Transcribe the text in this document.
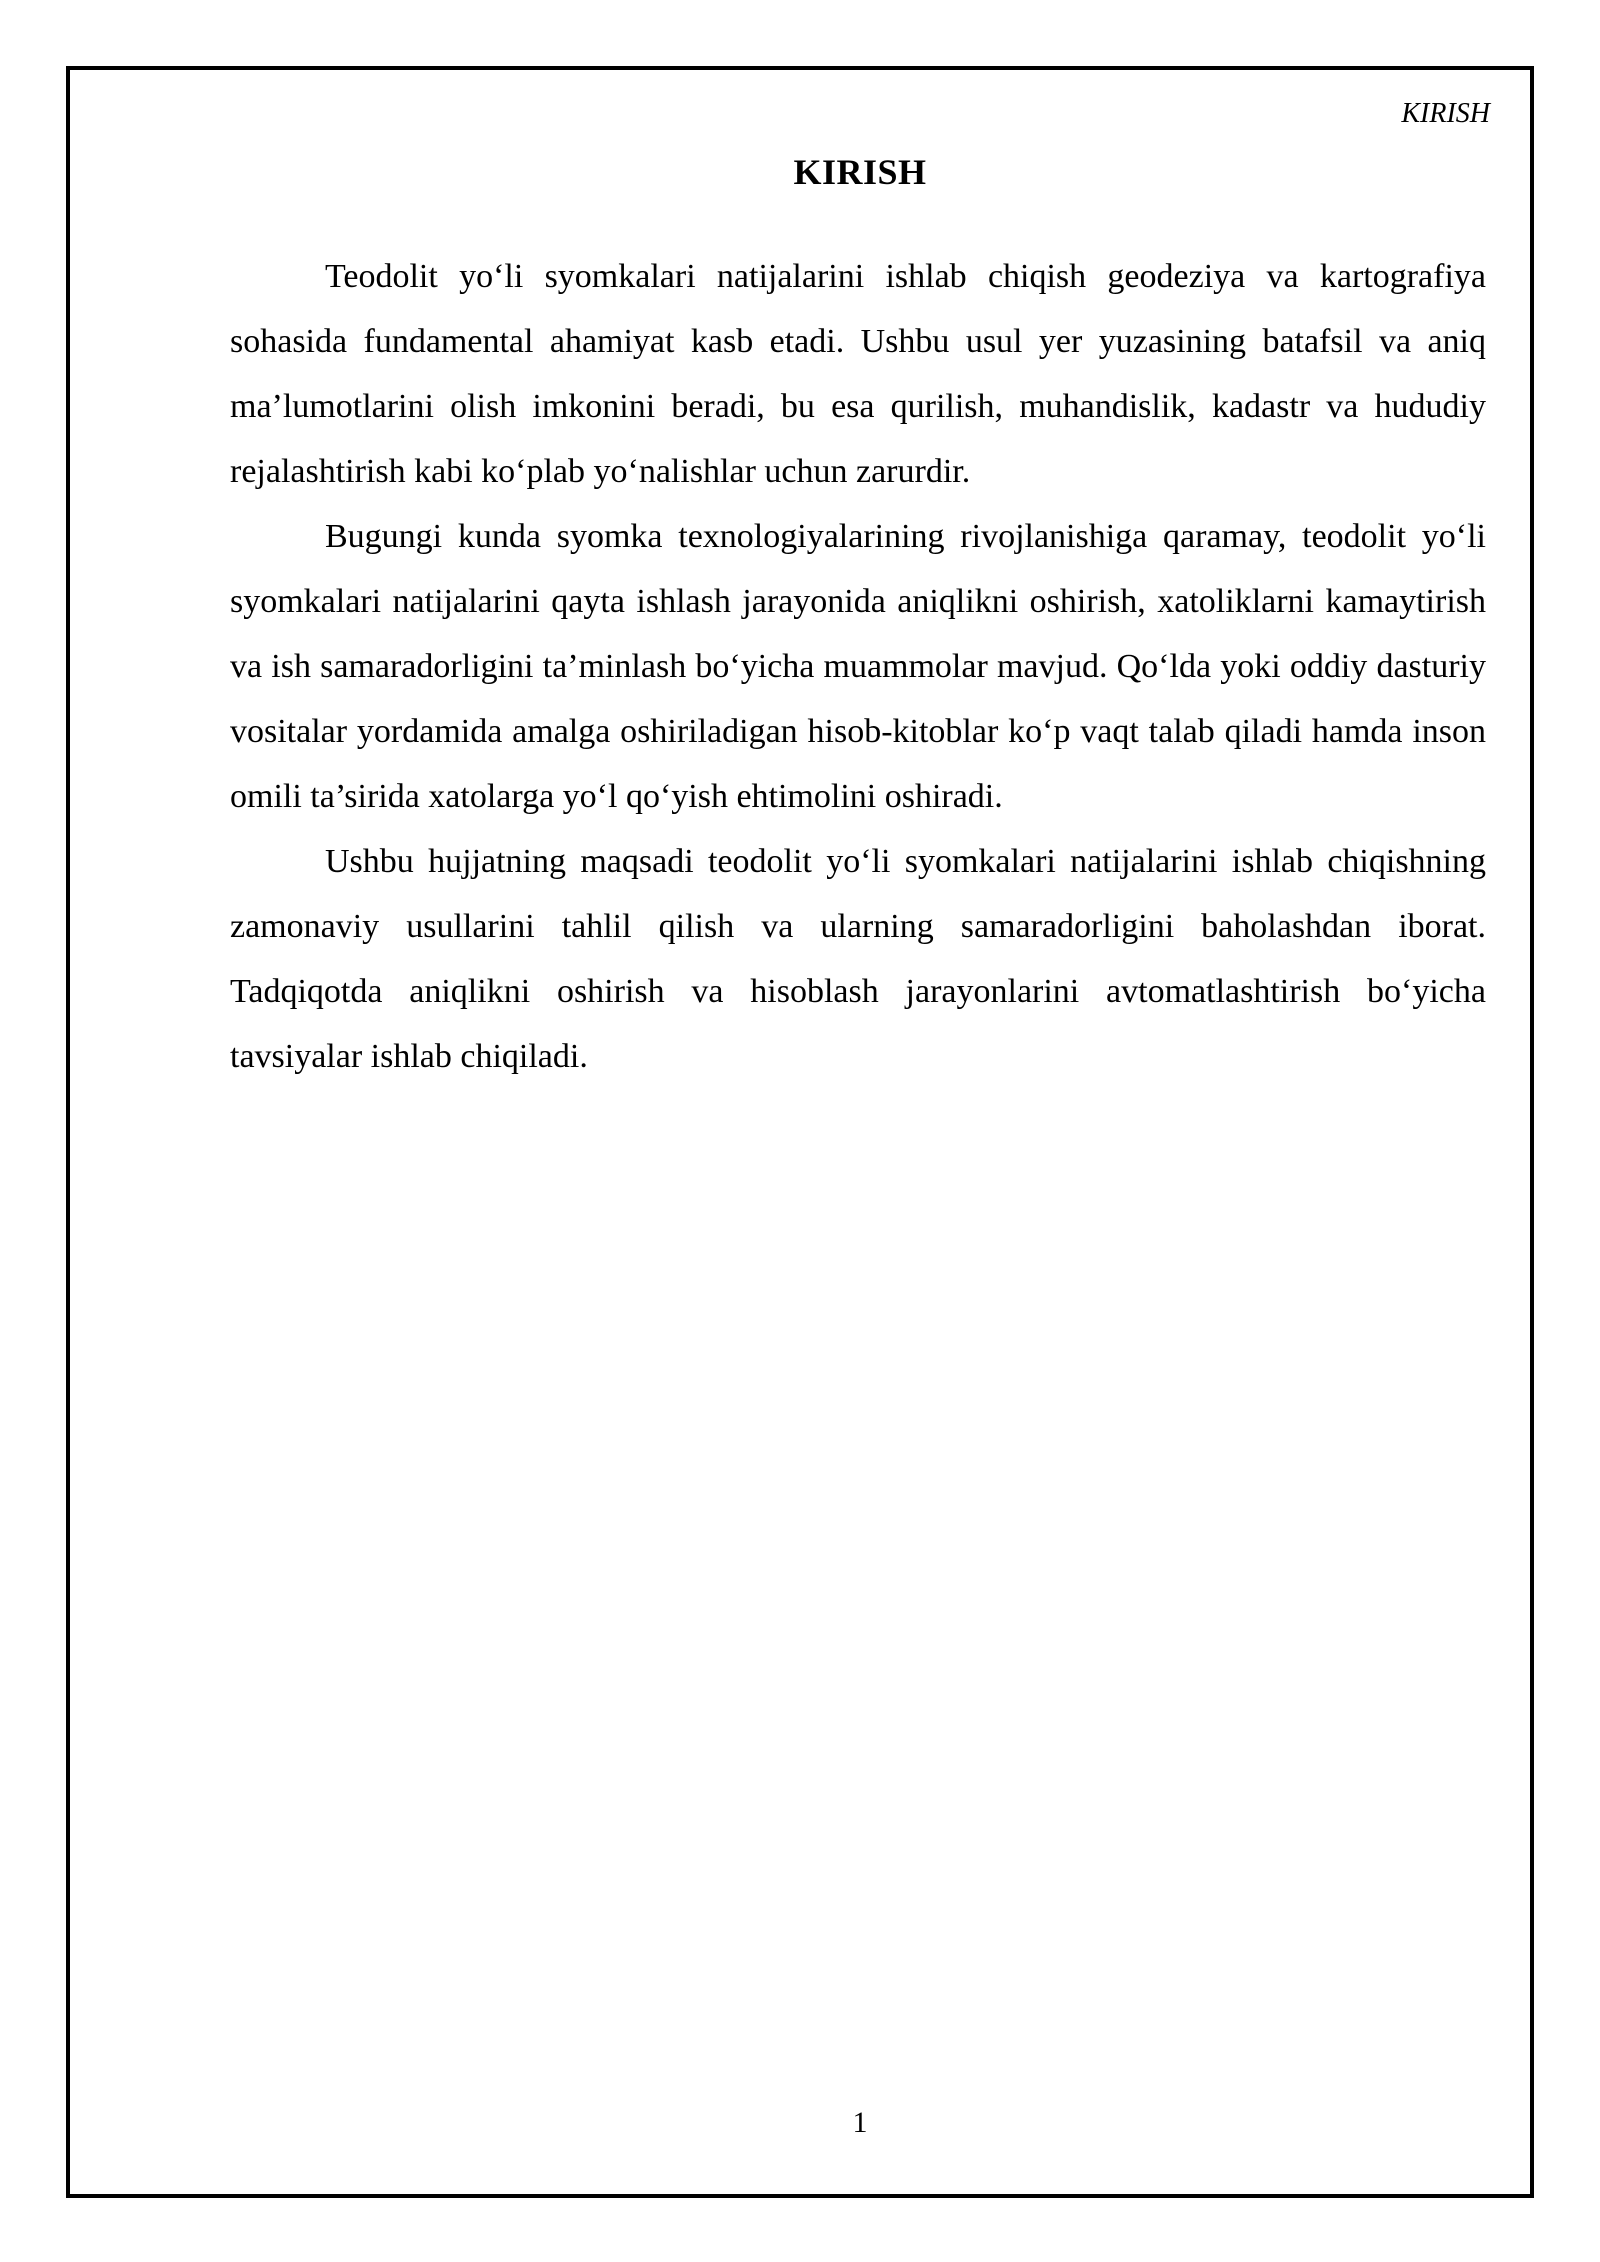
KIRISH
KIRISH

Teodolit yo‘li syomkalari natijalarini ishlab chiqish geodeziya va kartografiya sohasida fundamental ahamiyat kasb etadi. Ushbu usul yer yuzasining batafsil va aniq ma’lumotlarini olish imkonini beradi, bu esa qurilish, muhandislik, kadastr va hududiy rejalashtirish kabi ko‘plab yo‘nalishlar uchun zarurdir.

Bugungi kunda syomka texnologiyalarining rivojlanishiga qaramay, teodolit yo‘li syomkalari natijalarini qayta ishlash jarayonida aniqlikni oshirish, xatoliklarni kamaytirish va ish samaradorligini ta’minlash bo‘yicha muammolar mavjud. Qo‘lda yoki oddiy dasturiy vositalar yordamida amalga oshiriladigan hisob-kitoblar ko‘p vaqt talab qiladi hamda inson omili ta’sirida xatolarga yo‘l qo‘yish ehtimolini oshiradi.

Ushbu hujjatning maqsadi teodolit yo‘li syomkalari natijalarini ishlab chiqishning zamonaviy usullarini tahlil qilish va ularning samaradorligini baholashdan iborat. Tadqiqotda aniqlikni oshirish va hisoblash jarayonlarini avtomatlashtirish bo‘yicha tavsiyalar ishlab chiqiladi.

1
